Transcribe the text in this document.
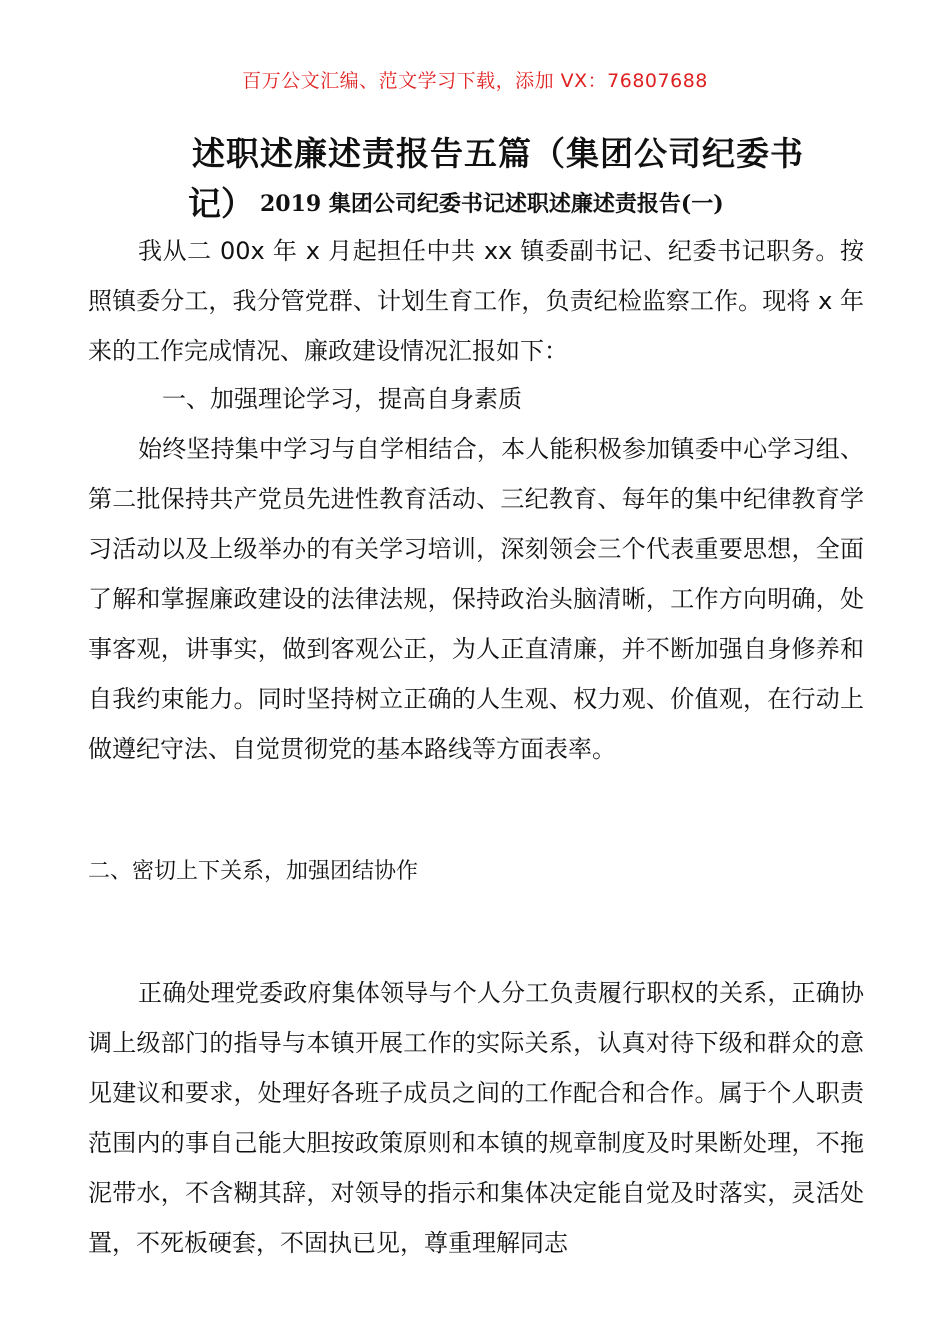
百万公文汇编、范文学习下载，添加 VX：76807688
述职述廉述责报告五篇（集团公司纪委书
记） 2019 集团公司纪委书记述职述廉述责报告(一)
我从二 00x 年 x 月起担任中共 xx 镇委副书记、纪委书记职务。按照镇委分工，我分管党群、计划生育工作，负责纪检监察工作。现将 x 年来的工作完成情况、廉政建设情况汇报如下：
一、加强理论学习，提高自身素质
始终坚持集中学习与自学相结合，本人能积极参加镇委中心学习组、第二批保持共产党员先进性教育活动、三纪教育、每年的集中纪律教育学习活动以及上级举办的有关学习培训，深刻领会三个代表重要思想，全面了解和掌握廉政建设的法律法规，保持政治头脑清晰，工作方向明确，处事客观，讲事实，做到客观公正，为人正直清廉，并不断加强自身修养和自我约束能力。同时坚持树立正确的人生观、权力观、价值观，在行动上做遵纪守法、自觉贯彻党的基本路线等方面表率。
二、密切上下关系，加强团结协作
正确处理党委政府集体领导与个人分工负责履行职权的关系，正确协调上级部门的指导与本镇开展工作的实际关系，认真对待下级和群众的意见建议和要求，处理好各班子成员之间的工作配合和合作。属于个人职责范围内的事自己能大胆按政策原则和本镇的规章制度及时果断处理，不拖泥带水，不含糊其辞，对领导的指示和集体决定能自觉及时落实，灵活处置，不死板硬套，不固执已见，尊重理解同志
